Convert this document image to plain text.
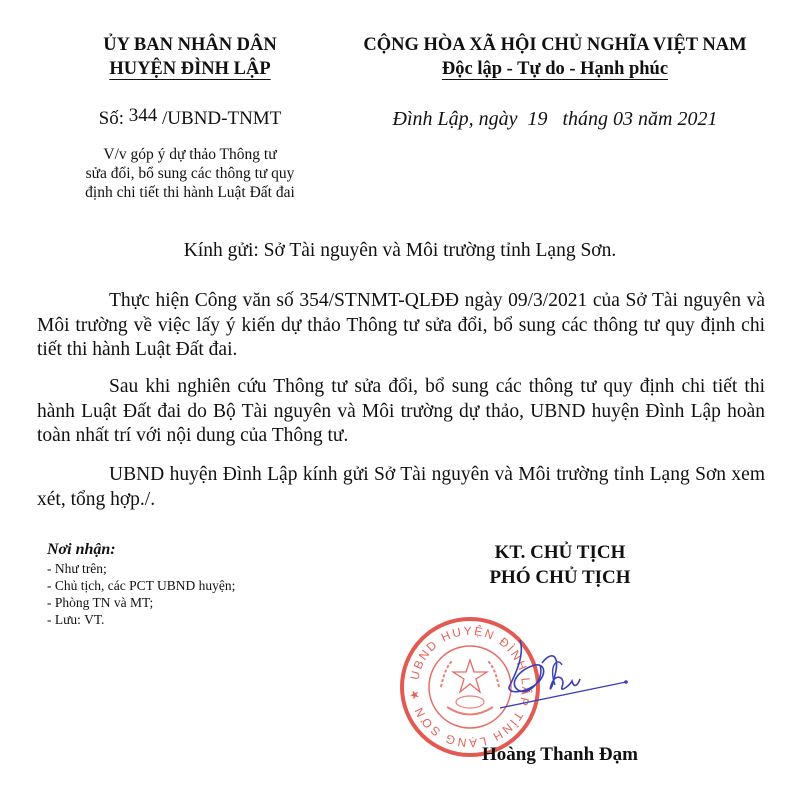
ỦY BAN NHÂN DÂN
HUYỆN ĐÌNH LẬP
Số: 344 /UBND-TNMT
V/v góp ý dự thảo Thông tư
sửa đổi, bổ sung các thông tư quy
định chi tiết thi hành Luật Đất đai
CỘNG HÒA XÃ HỘI CHỦ NGHĨA VIỆT NAM
Độc lập - Tự do - Hạnh phúc
Đình Lập, ngày 19 tháng 03 năm 2021
Kính gửi: Sở Tài nguyên và Môi trường tỉnh Lạng Sơn.
Thực hiện Công văn số 354/STNMT-QLĐĐ ngày 09/3/2021 của Sở Tài nguyên và Môi trường về việc lấy ý kiến dự thảo Thông tư sửa đổi, bổ sung các thông tư quy định chi tiết thi hành Luật Đất đai.
Sau khi nghiên cứu Thông tư sửa đổi, bổ sung các thông tư quy định chi tiết thi hành Luật Đất đai do Bộ Tài nguyên và Môi trường dự thảo, UBND huyện Đình Lập hoàn toàn nhất trí với nội dung của Thông tư.
UBND huyện Đình Lập kính gửi Sở Tài nguyên và Môi trường tỉnh Lạng Sơn xem xét, tổng hợp./.
Nơi nhận:
- Như trên;
- Chủ tịch, các PCT UBND huyện;
- Phòng TN và MT;
- Lưu: VT.
KT. CHỦ TỊCH
PHÓ CHỦ TỊCH
UBND HUYỆN ĐÌNH LẬP TỈNH LẠNG SƠN ★
Hoàng Thanh Đạm
